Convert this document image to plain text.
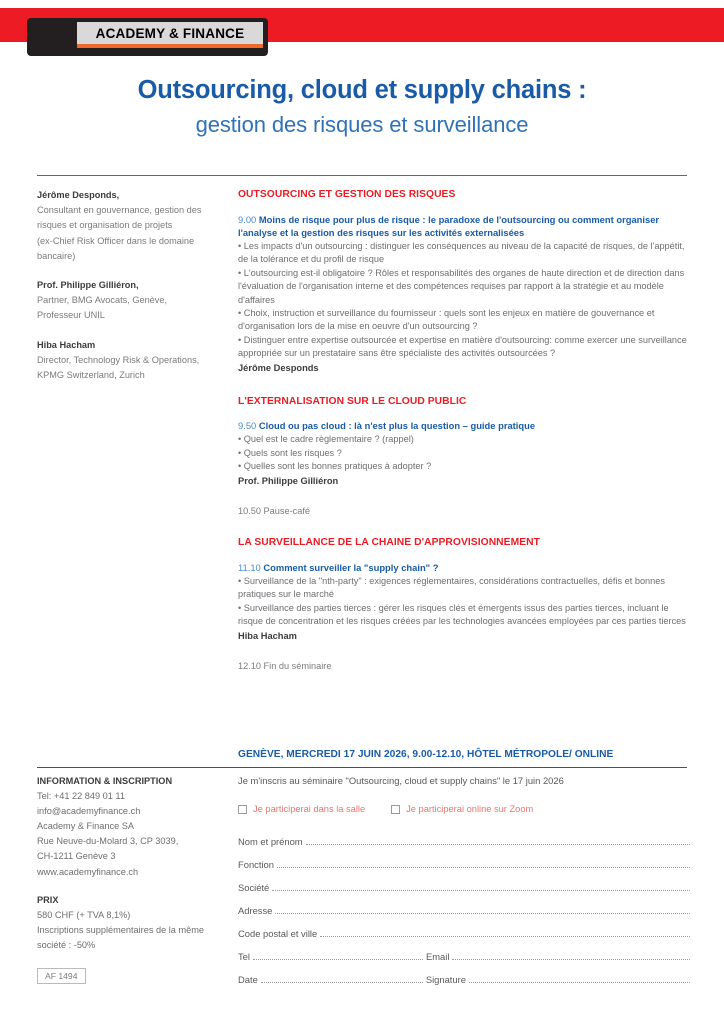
ACADEMY & FINANCE
Outsourcing, cloud et supply chains :
gestion des risques et surveillance
Jérôme Desponds,
Consultant en gouvernance, gestion des
risques et organisation de projets
(ex-Chief Risk Officer dans le domaine
bancaire)
Prof. Philippe Gilliéron,
Partner, BMG Avocats, Genève,
Professeur UNIL
Hiba Hacham
Director, Technology Risk & Operations,
KPMG Switzerland, Zurich
OUTSOURCING ET GESTION DES RISQUES
9.00 Moins de risque pour plus de risque : le paradoxe de l'outsourcing ou comment organiser l'analyse et la gestion des risques sur les activités externalisées
• Les impacts d'un outsourcing : distinguer les conséquences au niveau de la capacité de risques, de l'appétit, de la tolérance et du profil de risque
• L'outsourcing est-il obligatoire ? Rôles et responsabilités des organes de haute direction et de direction dans l'évaluation de l'organisation interne et des compétences requises par rapport à la stratégie et au modèle d'affaires
• Choix, instruction et surveillance du fournisseur : quels sont les enjeux en matière de gouvernance et d'organisation lors de la mise en oeuvre d'un outsourcing ?
• Distinguer entre expertise outsourcée et expertise en matière d'outsourcing: comme exercer une surveillance appropriée sur un prestataire sans être spécialiste des activités outsourcées ?
Jérôme Desponds
L'EXTERNALISATION SUR LE CLOUD PUBLIC
9.50 Cloud ou pas cloud : là n'est plus la question – guide pratique
• Quel est le cadre règlementaire ? (rappel)
• Quels sont les risques ?
• Quelles sont les bonnes pratiques à adopter ?
Prof. Philippe Gilliéron
10.50 Pause-café
LA SURVEILLANCE DE LA CHAINE D'APPROVISIONNEMENT
11.10 Comment surveiller la "supply chain" ?
• Surveillance de la "nth-party" : exigences réglementaires, considérations contractuelles, défis et bonnes pratiques sur le marché
• Surveillance des parties tierces : gérer les risques clés et émergents issus des parties tierces, incluant le risque de concentration et les risques créées par les technologies avancées employées par ces parties tierces
Hiba Hacham
12.10 Fin du séminaire
GENÈVE, MERCREDI 17 JUIN 2026, 9.00-12.10, HÔTEL MÉTROPOLE/ ONLINE
INFORMATION & INSCRIPTION
Tel: +41 22 849 01 11
info@academyfinance.ch
Academy & Finance SA
Rue Neuve-du-Molard 3, CP 3039,
CH-1211 Genève 3
www.academyfinance.ch
PRIX
580 CHF (+ TVA 8,1%)
Inscriptions supplémentaires de la même
société : -50%
AF 1494
Je m'inscris au séminaire "Outsourcing, cloud et supply chains" le 17 juin 2026
Je participerai dans la salle	Je participerai online sur Zoom
Nom et prénom
Fonction
Société
Adresse
Code postal et ville
Tel	Email
Date	Signature
